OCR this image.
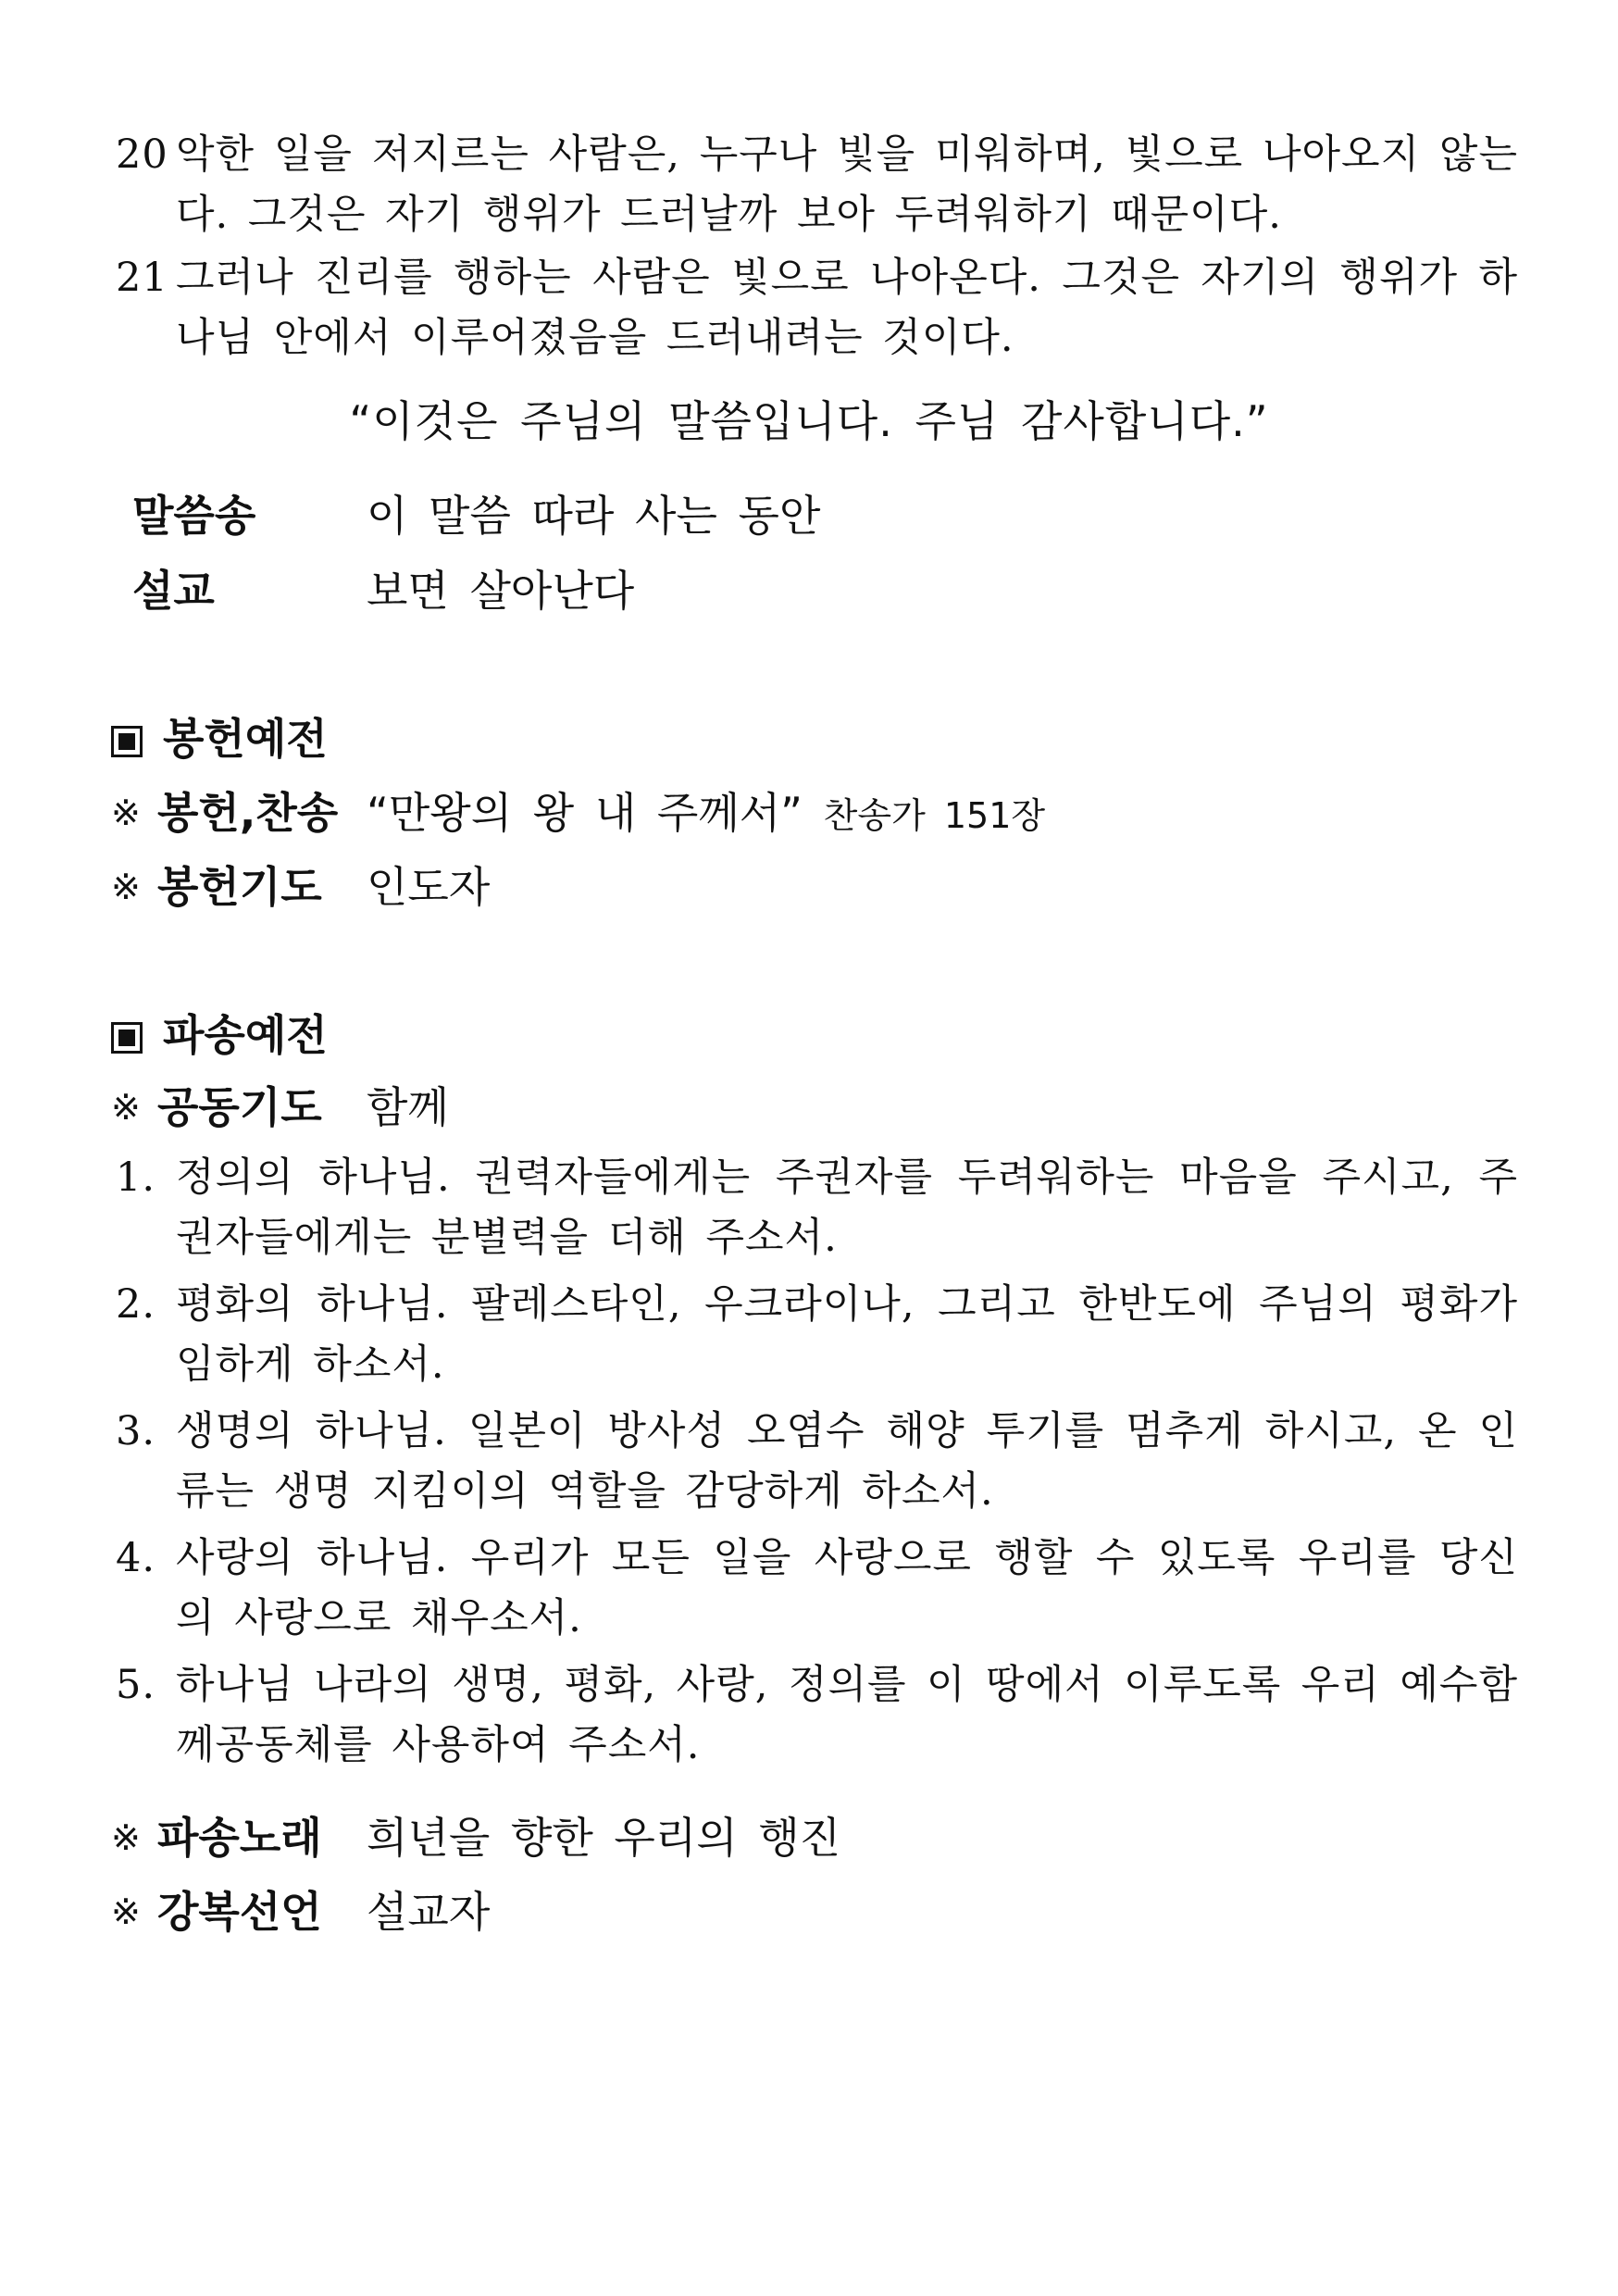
20 악한 일을 저지르는 사람은, 누구나 빛을 미워하며, 빛으로 나아오지 않는다. 그것은 자기 행위가 드러날까 보아 두려워하기 때문이다.
21 그러나 진리를 행하는 사람은 빛으로 나아온다. 그것은 자기의 행위가 하나님 안에서 이루어졌음을 드러내려는 것이다.
“이것은 주님의 말씀입니다. 주님 감사합니다.”
말씀송	이 말씀 따라 사는 동안
설교	보면 살아난다
봉헌예전
※ 봉헌,찬송 “만왕의 왕 내 주께서” 찬송가 151장
※ 봉헌기도 인도자
파송예전
※ 공동기도 함께
1. 정의의 하나님. 권력자들에게는 주권자를 두려워하는 마음을 주시고, 주권자들에게는 분별력을 더해 주소서.
2. 평화의 하나님. 팔레스타인, 우크라이나, 그리고 한반도에 주님의 평화가 임하게 하소서.
3. 생명의 하나님. 일본이 방사성 오염수 해양 투기를 멈추게 하시고, 온 인류는 생명 지킴이의 역할을 감당하게 하소서.
4. 사랑의 하나님. 우리가 모든 일을 사랑으로 행할 수 있도록 우리를 당신의 사랑으로 채우소서.
5. 하나님 나라의 생명, 평화, 사랑, 정의를 이 땅에서 이루도록 우리 예수함께공동체를 사용하여 주소서.
※ 파송노래 희년을 향한 우리의 행진
※ 강복선언 설교자
